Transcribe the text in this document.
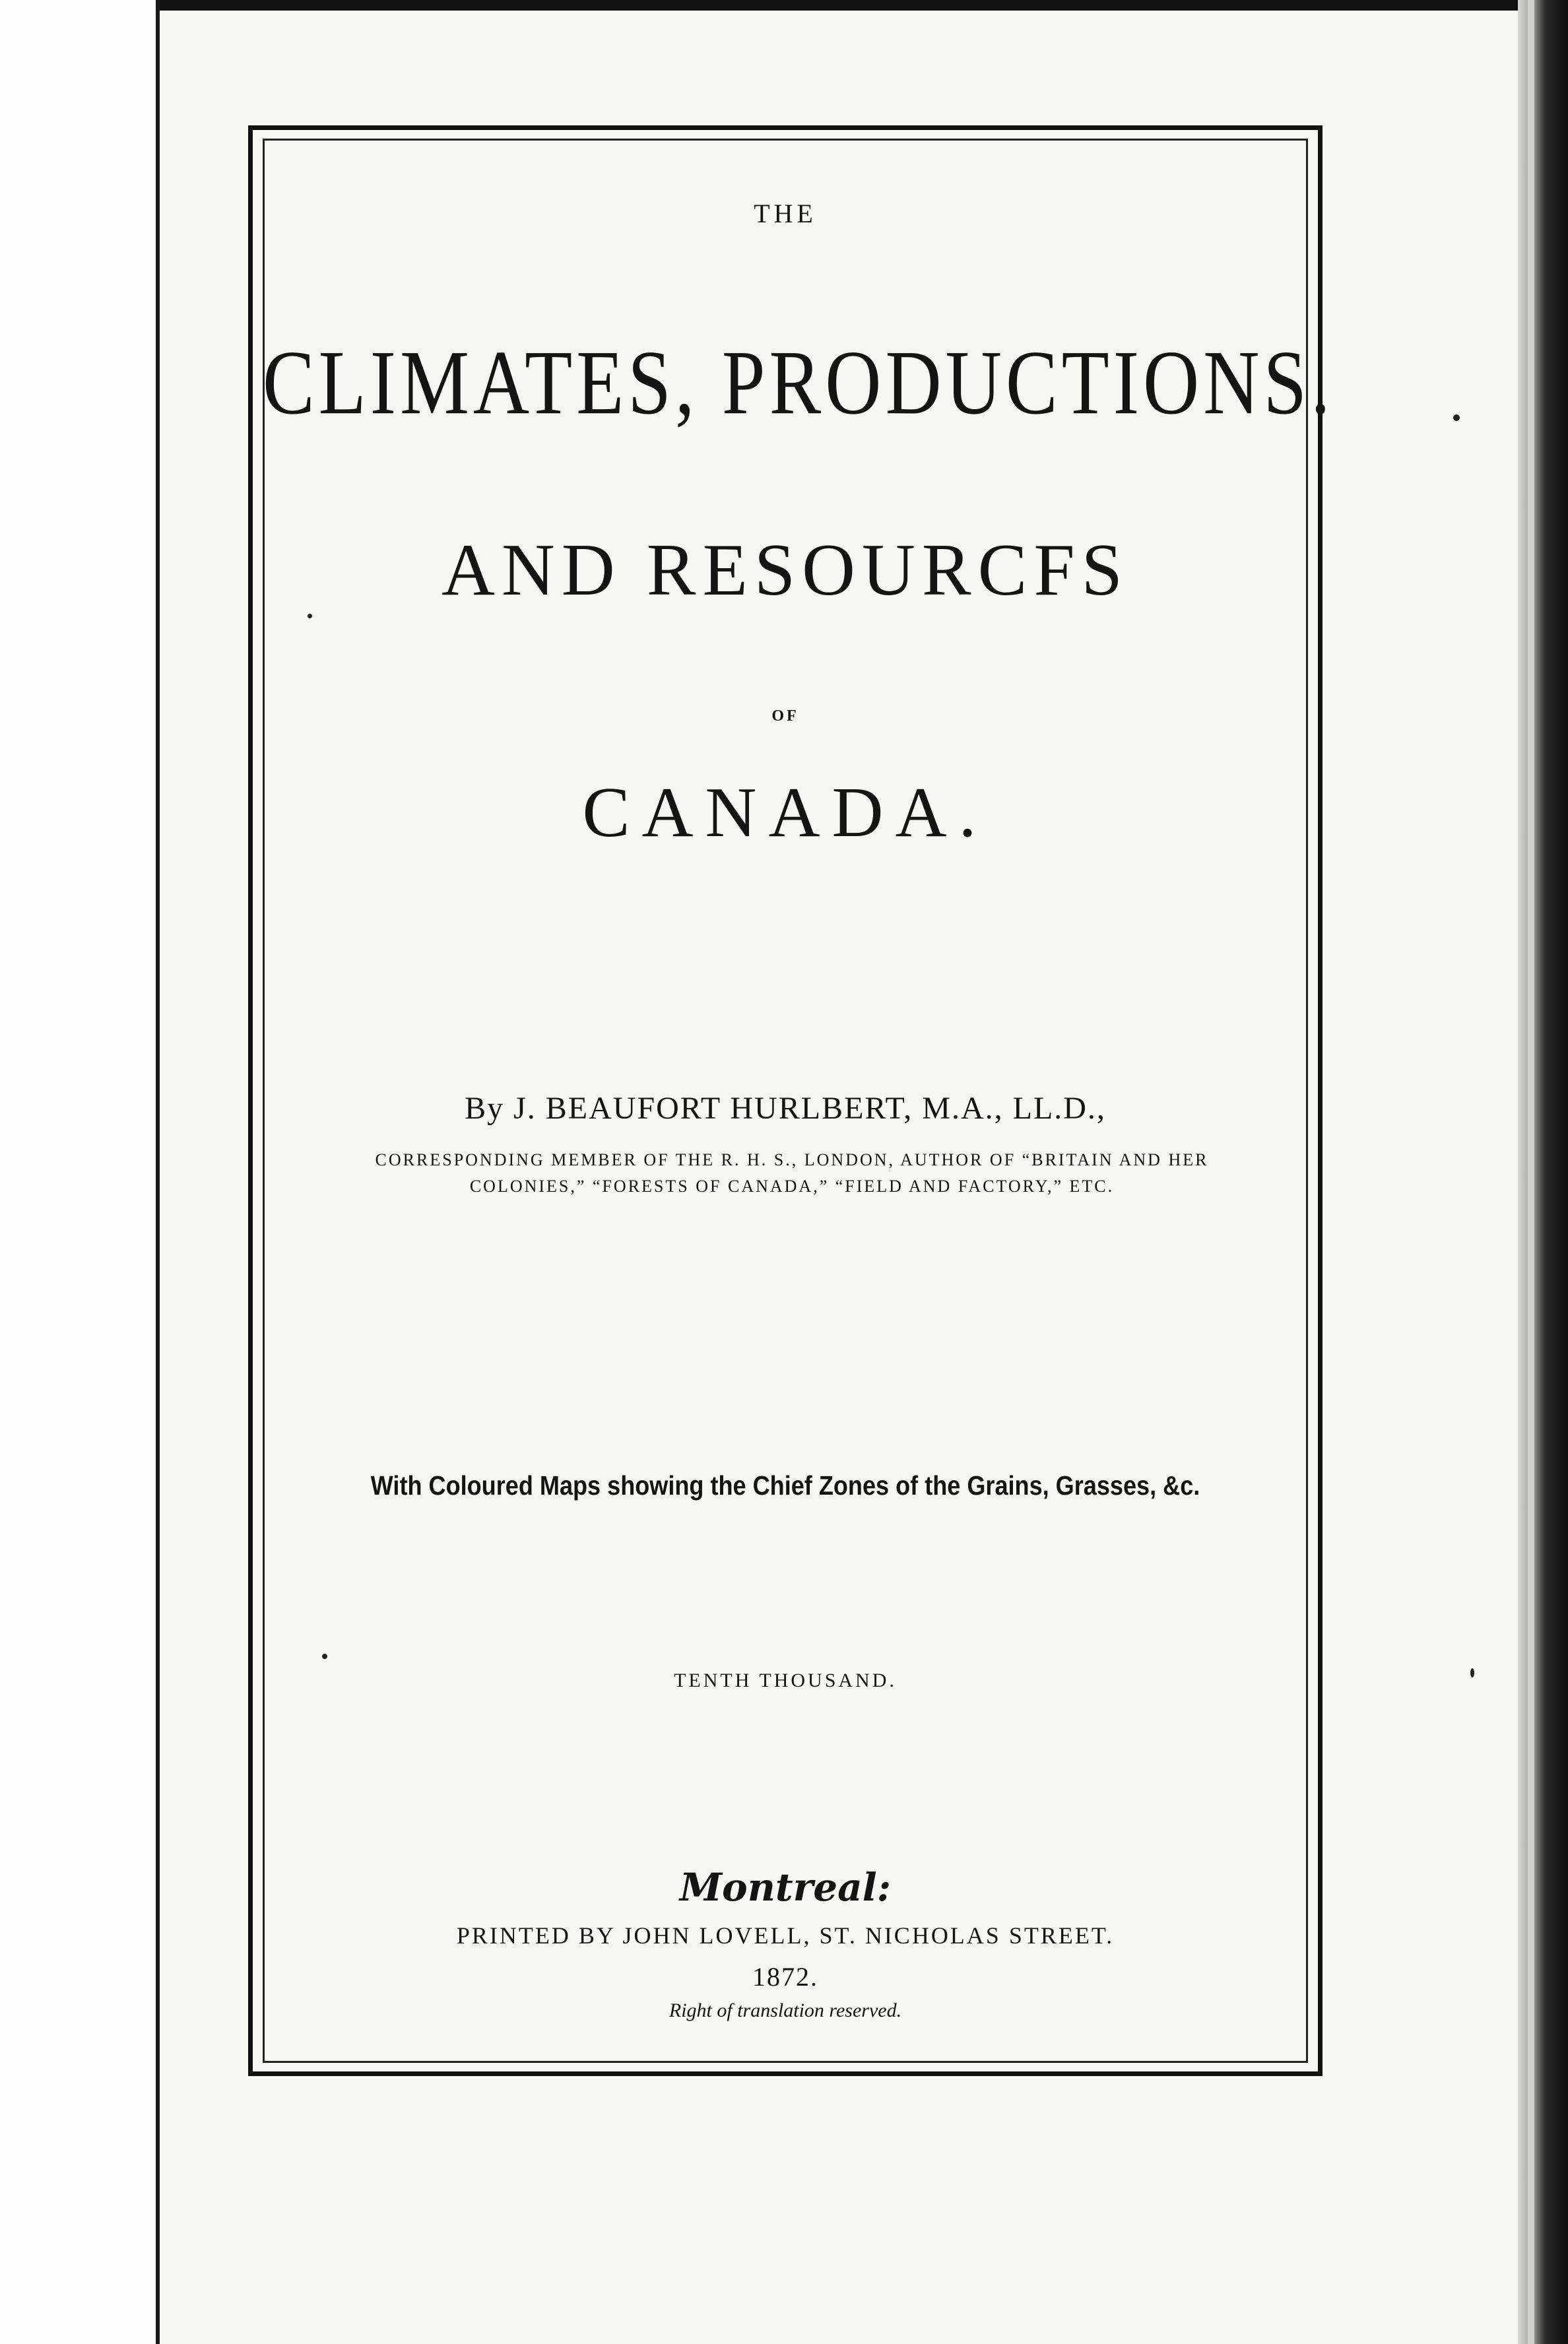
THE

CLIMATES, PRODUCTIONS.
AND RESOURCFS

OF

CANADA.

By J. BEAUFORT HURLBERT, M.A., LL.D.,

CORRESPONDING MEMBER OF THE R. H. S., LONDON, AUTHOR OF “BRITAIN AND HER COLONIES,” “FORESTS OF CANADA,” “FIELD AND FACTORY,” ETC.

With Coloured Maps showing the Chief Zones of the Grains, Grasses, &c.

TENTH THOUSAND.

Montreal:

PRINTED BY JOHN LOVELL, ST. NICHOLAS STREET.

1872.

Right of translation reserved.
